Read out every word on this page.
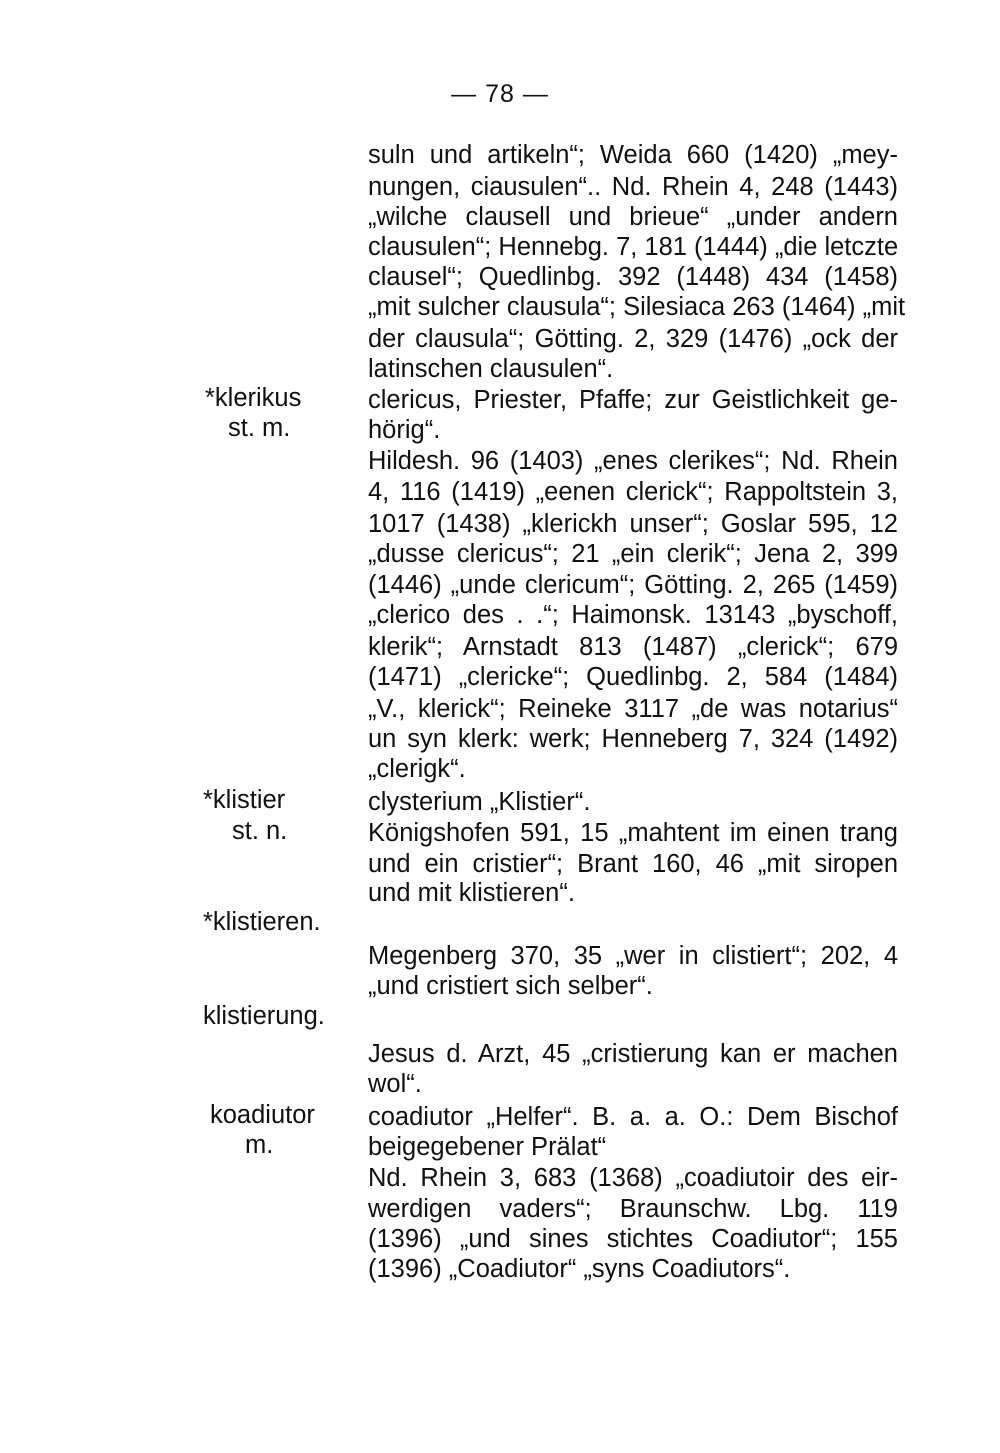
— 78 —
suln und artikeln“; Weida 660 (1420) „mey-
nungen, ciausulen“.. Nd. Rhein 4, 248 (1443)
„wilche clausell und brieue“ „under andern
clausulen“; Hennebg. 7, 181 (1444) „die letczte
clausel“; Quedlinbg. 392 (1448) 434 (1458)
„mit sulcher clausula“; Silesiaca 263 (1464) „mit
der clausula“; Götting. 2, 329 (1476) „ock der
latinschen clausulen“.
*klerikus
st. m.
clericus, Priester, Pfaffe; zur Geistlichkeit ge-
hörig“.
Hildesh. 96 (1403) „enes clerikes“; Nd. Rhein
4, 116 (1419) „eenen clerick“; Rappoltstein 3,
1017 (1438) „klerickh unser“; Goslar 595, 12
„dusse clericus“; 21 „ein clerik“; Jena 2, 399
(1446) „unde clericum“; Götting. 2, 265 (1459)
„clerico des . .“; Haimonsk. 13143 „byschoff,
klerik“; Arnstadt 813 (1487) „clerick“; 679
(1471) „clericke“; Quedlinbg. 2, 584 (1484)
„V., klerick“; Reineke 3117 „de was notarius“
un syn klerk: werk; Henneberg 7, 324 (1492)
„clerigk“.
*klistier
st. n.
clysterium „Klistier“.
Königshofen 591, 15 „mahtent im einen trang
und ein cristier“; Brant 160, 46 „mit siropen
und mit klistieren“.
*klistieren.
Megenberg 370, 35 „wer in clistiert“; 202, 4
„und cristiert sich selber“.
klistierung.
Jesus d. Arzt, 45 „cristierung kan er machen
wol“.
koadiutor
m.
coadiutor „Helfer“. B. a. a. O.: Dem Bischof
beigegebener Prälat“
Nd. Rhein 3, 683 (1368) „coadiutoir des eir-
werdigen vaders“; Braunschw. Lbg. 119
(1396) „und sines stichtes Coadiutor“; 155
(1396) „Coadiutor“ „syns Coadiutors“.
